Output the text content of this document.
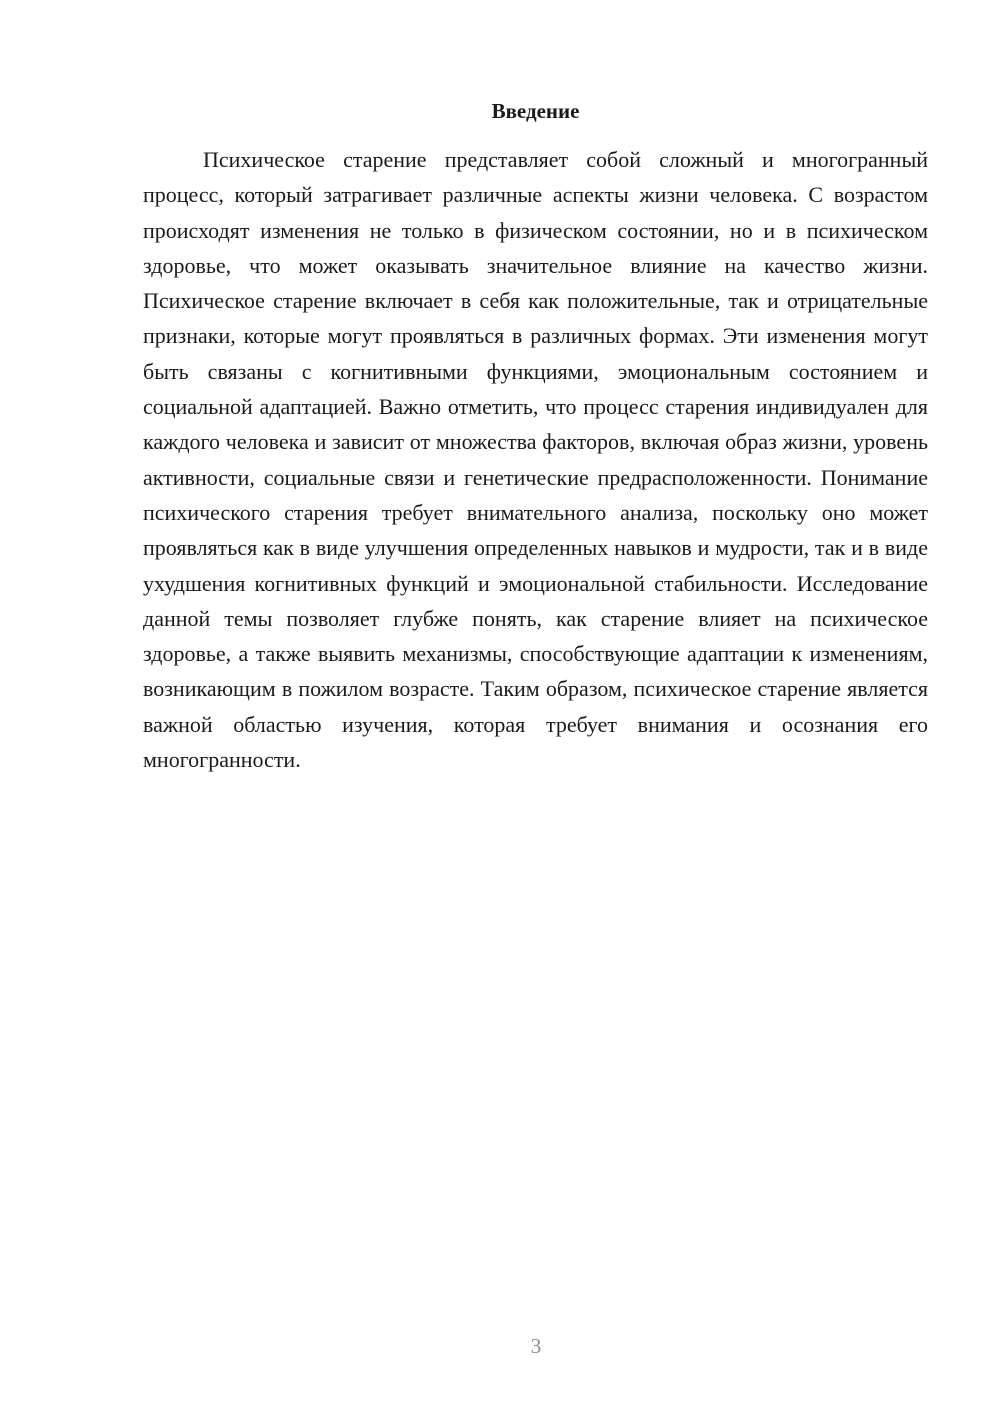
Введение

Психическое старение представляет собой сложный и многогранный процесс, который затрагивает различные аспекты жизни человека. С возрастом происходят изменения не только в физическом состоянии, но и в психическом здоровье, что может оказывать значительное влияние на качество жизни. Психическое старение включает в себя как положительные, так и отрицательные признаки, которые могут проявляться в различных формах. Эти изменения могут быть связаны с когнитивными функциями, эмоциональным состоянием и социальной адаптацией. Важно отметить, что процесс старения индивидуален для каждого человека и зависит от множества факторов, включая образ жизни, уровень активности, социальные связи и генетические предрасположенности. Понимание психического старения требует внимательного анализа, поскольку оно может проявляться как в виде улучшения определенных навыков и мудрости, так и в виде ухудшения когнитивных функций и эмоциональной стабильности. Исследование данной темы позволяет глубже понять, как старение влияет на психическое здоровье, а также выявить механизмы, способствующие адаптации к изменениям, возникающим в пожилом возрасте. Таким образом, психическое старение является важной областью изучения, которая требует внимания и осознания его многогранности.

3
